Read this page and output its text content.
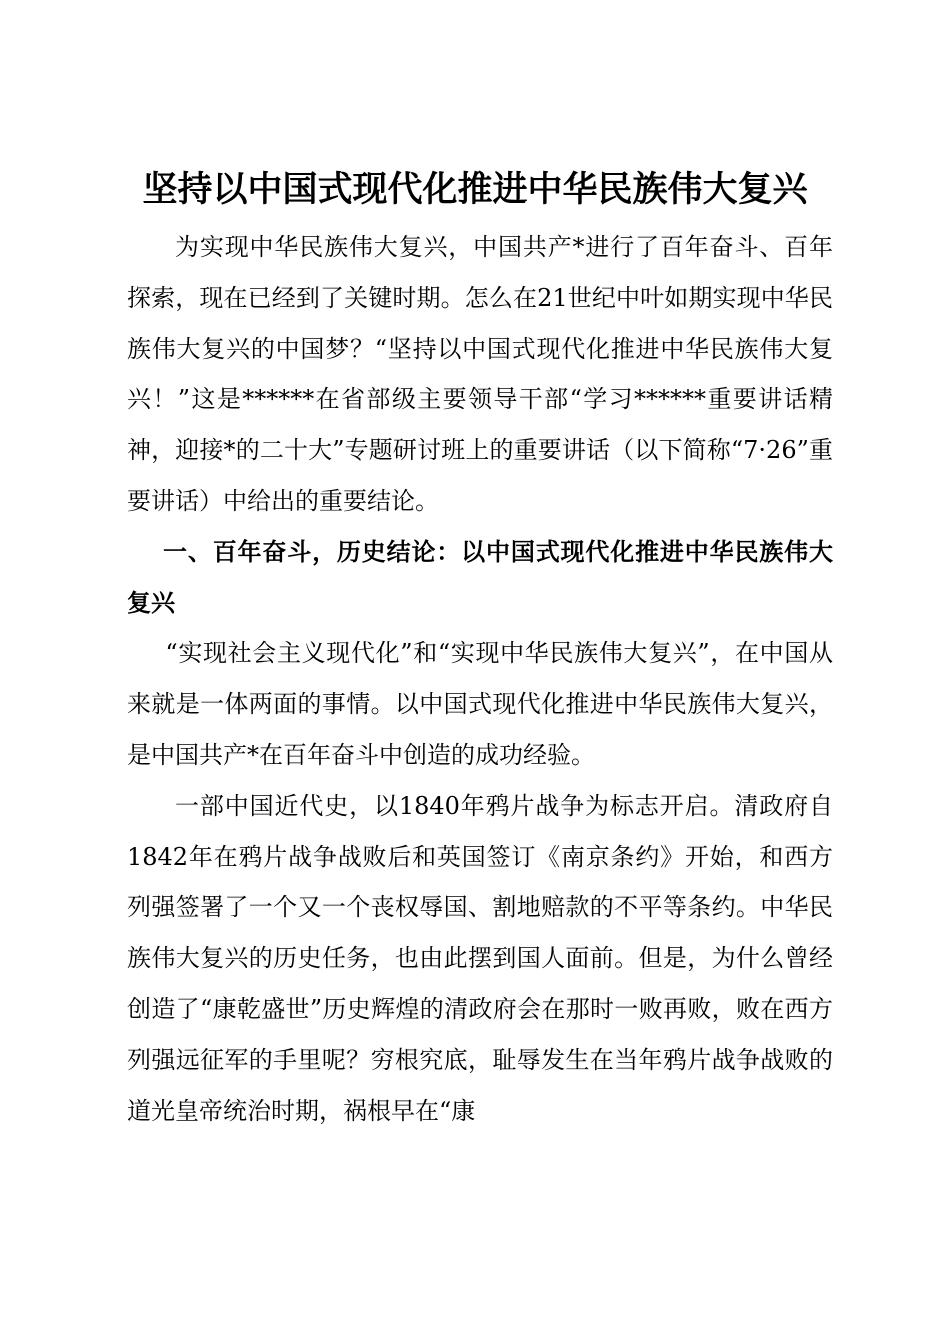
坚持以中国式现代化推进中华民族伟大复兴

为实现中华民族伟大复兴，中国共产*进行了百年奋斗、百年探索，现在已经到了关键时期。怎么在21世纪中叶如期实现中华民族伟大复兴的中国梦？“坚持以中国式现代化推进中华民族伟大复兴！”这是******在省部级主要领导干部“学习******重要讲话精神，迎接*的二十大”专题研讨班上的重要讲话（以下简称“7·26”重要讲话）中给出的重要结论。

一、百年奋斗，历史结论：以中国式现代化推进中华民族伟大复兴

“实现社会主义现代化”和“实现中华民族伟大复兴”，在中国从来就是一体两面的事情。以中国式现代化推进中华民族伟大复兴，是中国共产*在百年奋斗中创造的成功经验。

一部中国近代史，以1840年鸦片战争为标志开启。清政府自1842年在鸦片战争战败后和英国签订《南京条约》开始，和西方列强签署了一个又一个丧权辱国、割地赔款的不平等条约。中华民族伟大复兴的历史任务，也由此摆到国人面前。但是，为什么曾经创造了“康乾盛世”历史辉煌的清政府会在那时一败再败，败在西方列强远征军的手里呢？穷根究底，耻辱发生在当年鸦片战争战败的道光皇帝统治时期，祸根早在“康
